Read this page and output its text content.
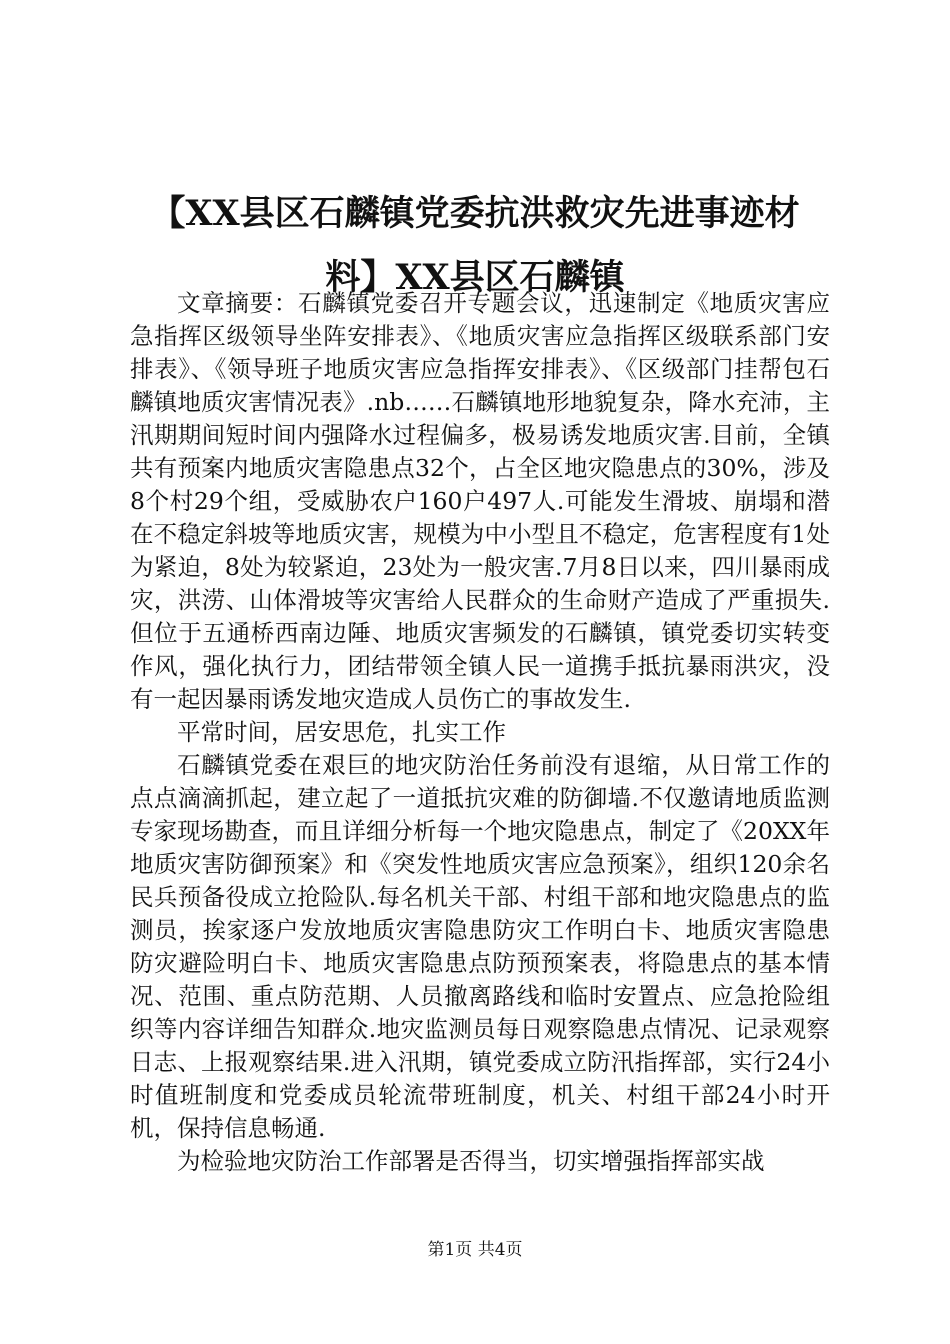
【XX县区石麟镇党委抗洪救灾先进事迹材
料】XX县区石麟镇

文章摘要：石麟镇党委召开专题会议，迅速制定《地质灾害应急指挥区级领导坐阵安排表》、《地质灾害应急指挥区级联系部门安排表》、《领导班子地质灾害应急指挥安排表》、《区级部门挂帮包石麟镇地质灾害情况表》.nb……石麟镇地形地貌复杂，降水充沛，主汛期期间短时间内强降水过程偏多，极易诱发地质灾害.目前，全镇共有预案内地质灾害隐患点32个，占全区地灾隐患点的30%，涉及8个村29个组，受威胁农户160户497人.可能发生滑坡、崩塌和潜在不稳定斜坡等地质灾害，规模为中小型且不稳定，危害程度有1处为紧迫，8处为较紧迫，23处为一般灾害.7月8日以来，四川暴雨成灾，洪涝、山体滑坡等灾害给人民群众的生命财产造成了严重损失.但位于五通桥西南边陲、地质灾害频发的石麟镇，镇党委切实转变作风，强化执行力，团结带领全镇人民一道携手抵抗暴雨洪灾，没有一起因暴雨诱发地灾造成人员伤亡的事故发生.

平常时间，居安思危，扎实工作

石麟镇党委在艰巨的地灾防治任务前没有退缩，从日常工作的点点滴滴抓起，建立起了一道抵抗灾难的防御墙.不仅邀请地质监测专家现场勘查，而且详细分析每一个地灾隐患点，制定了《20XX年地质灾害防御预案》和《突发性地质灾害应急预案》，组织120余名民兵预备役成立抢险队.每名机关干部、村组干部和地灾隐患点的监测员，挨家逐户发放地质灾害隐患防灾工作明白卡、地质灾害隐患防灾避险明白卡、地质灾害隐患点防预预案表，将隐患点的基本情况、范围、重点防范期、人员撤离路线和临时安置点、应急抢险组织等内容详细告知群众.地灾监测员每日观察隐患点情况、记录观察日志、上报观察结果.进入汛期，镇党委成立防汛指挥部，实行24小时值班制度和党委成员轮流带班制度，机关、村组干部24小时开机，保持信息畅通.

为检验地灾防治工作部署是否得当，切实增强指挥部实战

第1页 共4页
